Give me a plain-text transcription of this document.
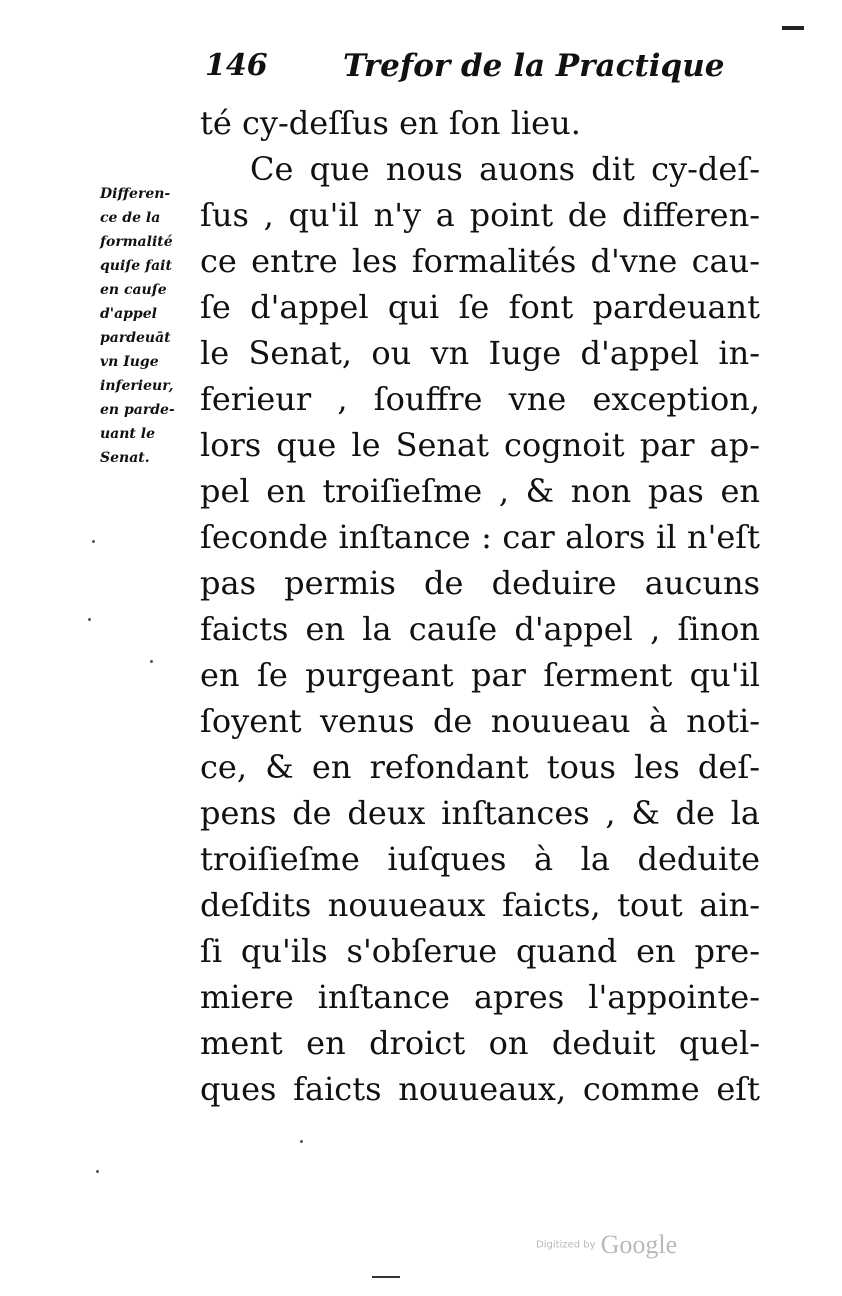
146 Trefor de la Practique
té cy-deſſus en ſon lieu.
Ce que nous auons dit cy-deſ-
ſus , qu'il n'y a point de differen-
ce entre les formalités d'vne cau-
ſe d'appel qui ſe font pardeuant
le Senat, ou vn Iuge d'appel in-
ferieur , ſouffre vne exception,
lors que le Senat cognoit par ap-
pel en troiſieſme , & non pas en
ſeconde inſtance : car alors il n'eſt
pas permis de deduire aucuns
faicts en la cauſe d'appel , ſinon
en ſe purgeant par ſerment qu'il
ſoyent venus de nouueau à noti-
ce, & en refondant tous les deſ-
pens de deux inſtances , & de la
troiſieſme iuſques à la deduite
deſdits nouueaux faicts, tout ain-
ſi qu'ils s'obſerue quand en pre-
miere inſtance apres l'appointe-
ment en droict on deduit quel-
ques faicts nouueaux, comme eſt
Differen-
ce de la
formalité
quiſe fait
en cauſe
d'appel
pardeuāt
vn Iuge
inferieur,
en parde-
uant le
Senat.
Digitized by Google
